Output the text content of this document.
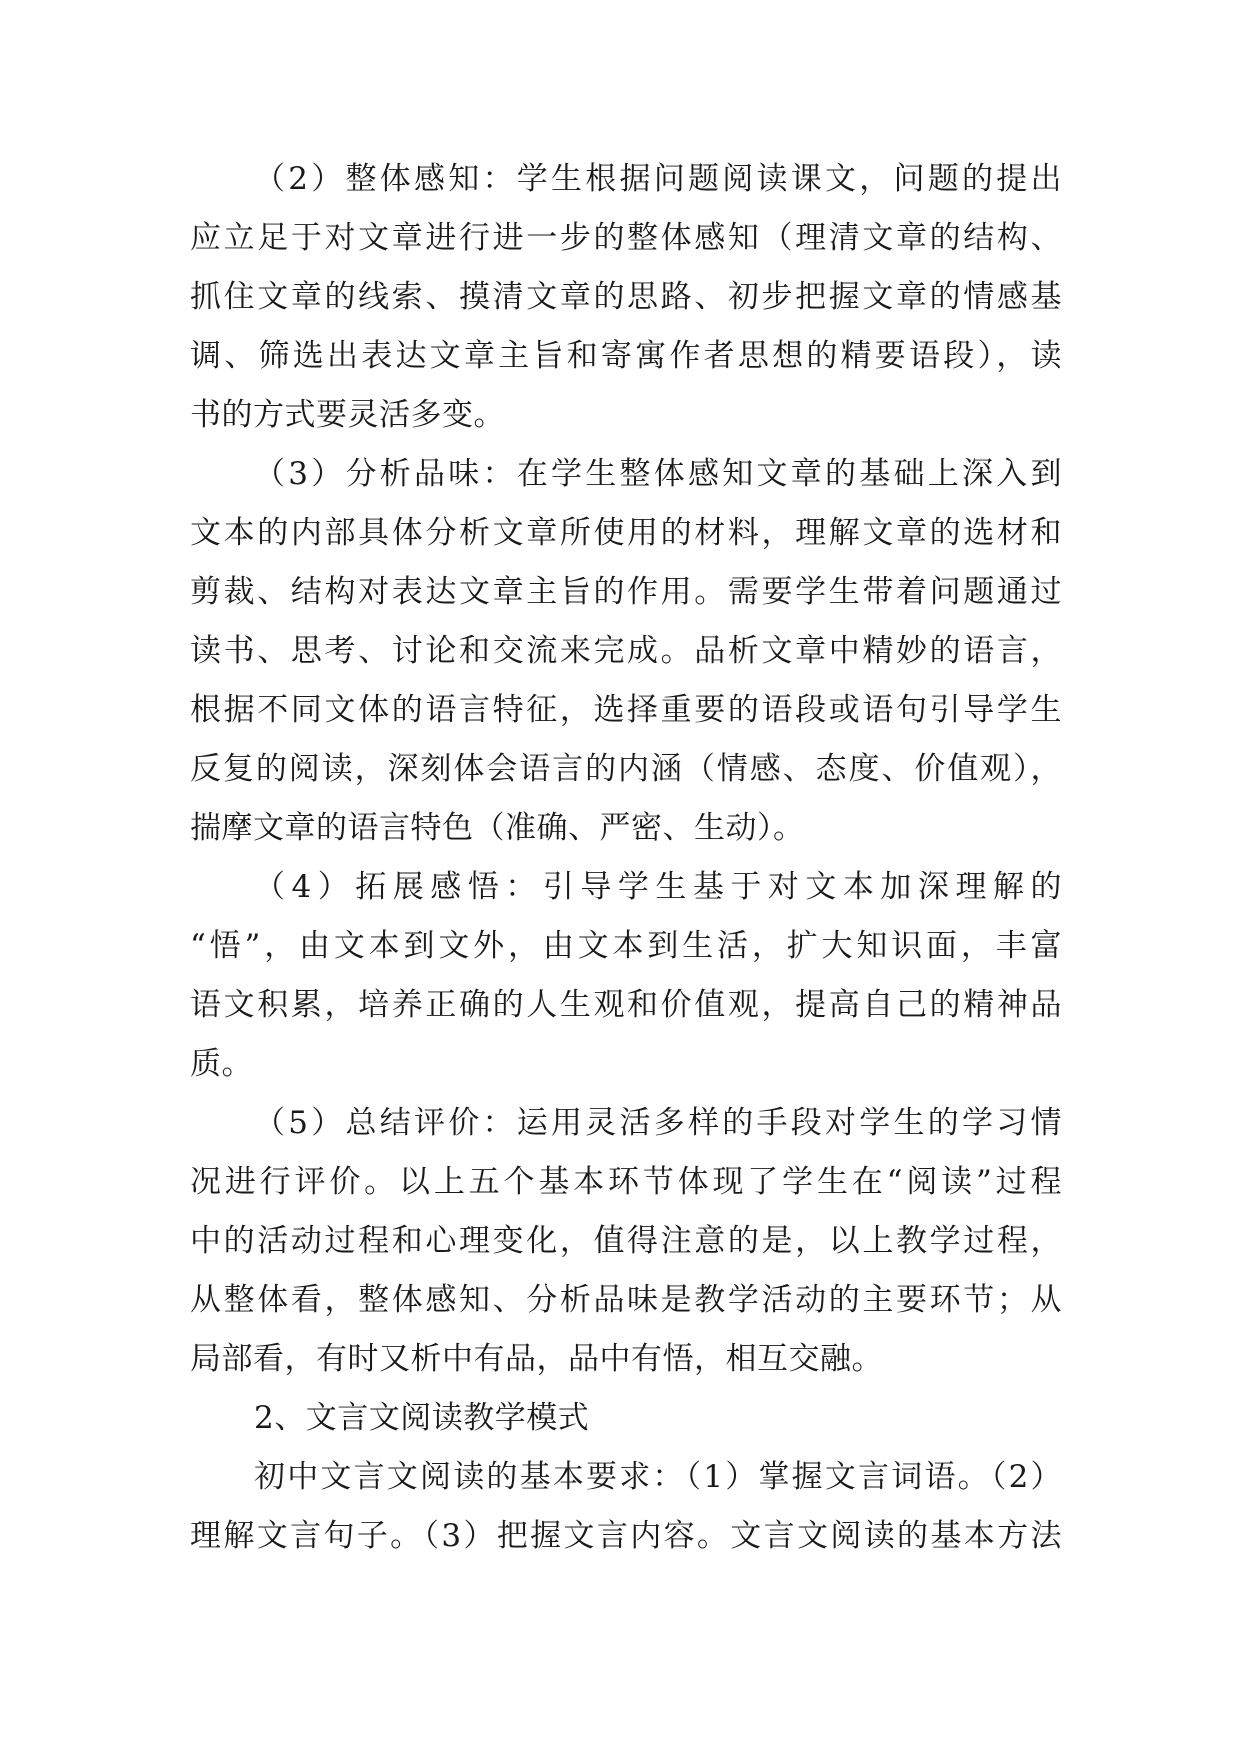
（2）整体感知：学生根据问题阅读课文，问题的提出
应立足于对文章进行进一步的整体感知（理清文章的结构、
抓住文章的线索、摸清文章的思路、初步把握文章的情感基
调、筛选出表达文章主旨和寄寓作者思想的精要语段），读
书的方式要灵活多变。
（3）分析品味：在学生整体感知文章的基础上深入到
文本的内部具体分析文章所使用的材料，理解文章的选材和
剪裁、结构对表达文章主旨的作用。需要学生带着问题通过
读书、思考、讨论和交流来完成。品析文章中精妙的语言，
根据不同文体的语言特征，选择重要的语段或语句引导学生
反复的阅读，深刻体会语言的内涵（情感、态度、价值观），
揣摩文章的语言特色（准确、严密、生动）。
（4）拓展感悟：引导学生基于对文本加深理解的
“悟”，由文本到文外，由文本到生活，扩大知识面，丰富
语文积累，培养正确的人生观和价值观，提高自己的精神品
质。
（5）总结评价：运用灵活多样的手段对学生的学习情
况进行评价。以上五个基本环节体现了学生在“阅读”过程
中的活动过程和心理变化，值得注意的是，以上教学过程，
从整体看，整体感知、分析品味是教学活动的主要环节；从
局部看，有时又析中有品，品中有悟，相互交融。
2、文言文阅读教学模式
初中文言文阅读的基本要求：（1）掌握文言词语。（2）
理解文言句子。（3）把握文言内容。文言文阅读的基本方法
